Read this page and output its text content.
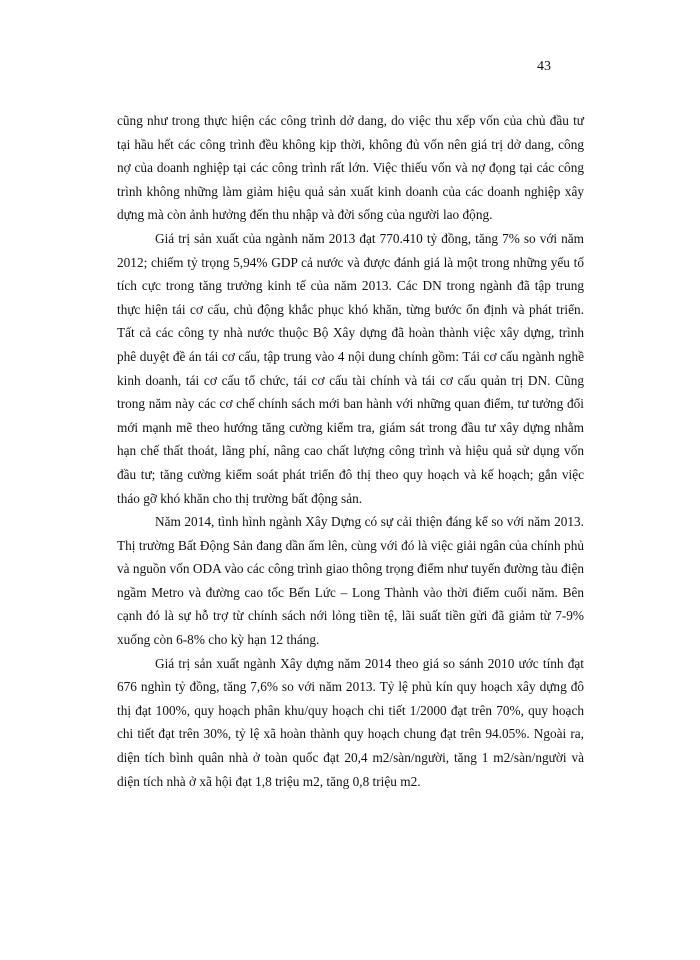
43

cũng như trong thực hiện các công trình dở dang, do việc thu xếp vốn của chủ đầu tư tại hầu hết các công trình đều không kịp thời, không đủ vốn nên giá trị dở dang, công nợ của doanh nghiệp tại các công trình rất lớn. Việc thiếu vốn và nợ đọng tại các công trình không những làm giảm hiệu quả sản xuất kinh doanh của các doanh nghiệp xây dựng mà còn ảnh hưởng đến thu nhập và đời sống của người lao động.

Giá trị sản xuất của ngành năm 2013 đạt 770.410 tỷ đồng, tăng 7% so với năm 2012; chiếm tỷ trọng 5,94% GDP cả nước và được đánh giá là một trong những yếu tố tích cực trong tăng trưởng kinh tế của năm 2013. Các DN trong ngành đã tập trung thực hiện tái cơ cấu, chủ động khắc phục khó khăn, từng bước ổn định và phát triển. Tất cả các công ty nhà nước thuộc Bộ Xây dựng đã hoàn thành việc xây dựng, trình phê duyệt đề án tái cơ cấu, tập trung vào 4 nội dung chính gồm: Tái cơ cấu ngành nghề kinh doanh, tái cơ cấu tổ chức, tái cơ cấu tài chính và tái cơ cấu quản trị DN. Cũng trong năm này các cơ chế chính sách mới ban hành với những quan điểm, tư tưởng đổi mới mạnh mẽ theo hướng tăng cường kiểm tra, giám sát trong đầu tư xây dựng nhằm hạn chế thất thoát, lãng phí, nâng cao chất lượng công trình và hiệu quả sử dụng vốn đầu tư; tăng cường kiểm soát phát triển đô thị theo quy hoạch và kế hoạch; gắn việc tháo gỡ khó khăn cho thị trường bất động sản.

Năm 2014, tình hình ngành Xây Dựng có sự cải thiện đáng kể so với năm 2013. Thị trường Bất Động Sản đang dần ấm lên, cùng với đó là việc giải ngân của chính phủ và nguồn vốn ODA vào các công trình giao thông trọng điểm như tuyến đường tàu điện ngầm Metro và đường cao tốc Bến Lức – Long Thành vào thời điểm cuối năm. Bên cạnh đó là sự hỗ trợ từ chính sách nới lỏng tiền tệ, lãi suất tiền gửi đã giảm từ 7-9% xuống còn 6-8% cho kỳ hạn 12 tháng.

Giá trị sản xuất ngành Xây dựng năm 2014 theo giá so sánh 2010 ước tính đạt 676 nghìn tỷ đồng, tăng 7,6% so với năm 2013. Tỷ lệ phủ kín quy hoạch xây dựng đô thị đạt 100%, quy hoạch phân khu/quy hoạch chi tiết 1/2000 đạt trên 70%, quy hoạch chi tiết đạt trên 30%, tỷ lệ xã hoàn thành quy hoạch chung đạt trên 94.05%. Ngoài ra, diện tích bình quân nhà ở toàn quốc đạt 20,4 m2/sàn/người, tăng 1 m2/sàn/người và diện tích nhà ở xã hội đạt 1,8 triệu m2, tăng 0,8 triệu m2.
